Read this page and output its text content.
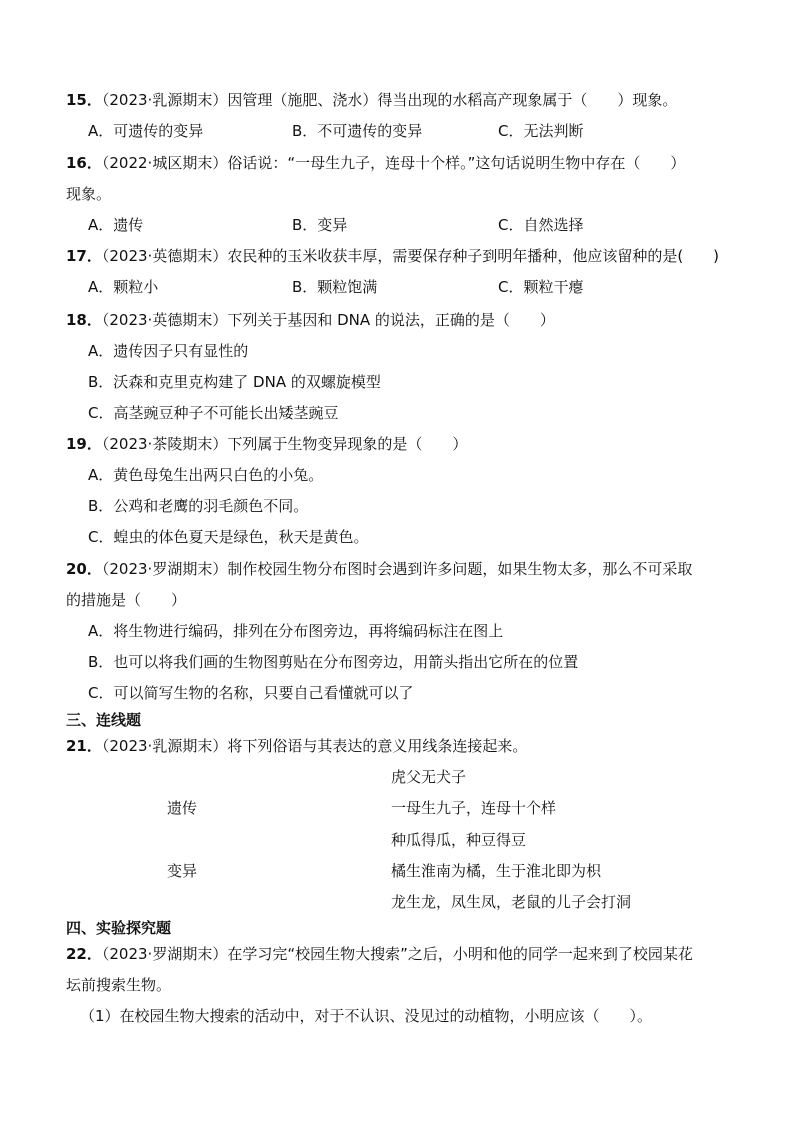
15．（2023·乳源期末）因管理（施肥、浇水）得当出现的水稻高产现象属于（　　）现象。
A．可遗传的变异	B．不可遗传的变异	C．无法判断
16．（2022·城区期末）俗话说：“一母生九子，连母十个样。”这句话说明生物中存在（　　）
现象。
A．遗传	B．变异	C．自然选择
17．（2023·英德期末）农民种的玉米收获丰厚，需要保存种子到明年播种，他应该留种的是(　　)
A．颗粒小	B．颗粒饱满	C．颗粒干瘪
18．（2023·英德期末）下列关于基因和 DNA 的说法，正确的是（　　）
A．遗传因子只有显性的
B．沃森和克里克构建了 DNA 的双螺旋模型
C．高茎豌豆种子不可能长出矮茎豌豆
19．（2023·茶陵期末）下列属于生物变异现象的是（　　）
A．黄色母兔生出两只白色的小兔。
B．公鸡和老鹰的羽毛颜色不同。
C．蝗虫的体色夏天是绿色，秋天是黄色。
20．（2023·罗湖期末）制作校园生物分布图时会遇到许多问题，如果生物太多，那么不可采取
的措施是（　　）
A．将生物进行编码，排列在分布图旁边，再将编码标注在图上
B．也可以将我们画的生物图剪贴在分布图旁边，用箭头指出它所在的位置
C．可以简写生物的名称，只要自己看懂就可以了
三、连线题
21．（2023·乳源期末）将下列俗语与其表达的意义用线条连接起来。
虎父无犬子
遗传	一母生九子，连母十个样
种瓜得瓜，种豆得豆
变异	橘生淮南为橘，生于淮北即为枳
龙生龙，凤生凤，老鼠的儿子会打洞
四、实验探究题
22．（2023·罗湖期末）在学习完“校园生物大搜索”之后，小明和他的同学一起来到了校园某花
坛前搜索生物。
（1）在校园生物大搜索的活动中，对于不认识、没见过的动植物，小明应该（　　）。
